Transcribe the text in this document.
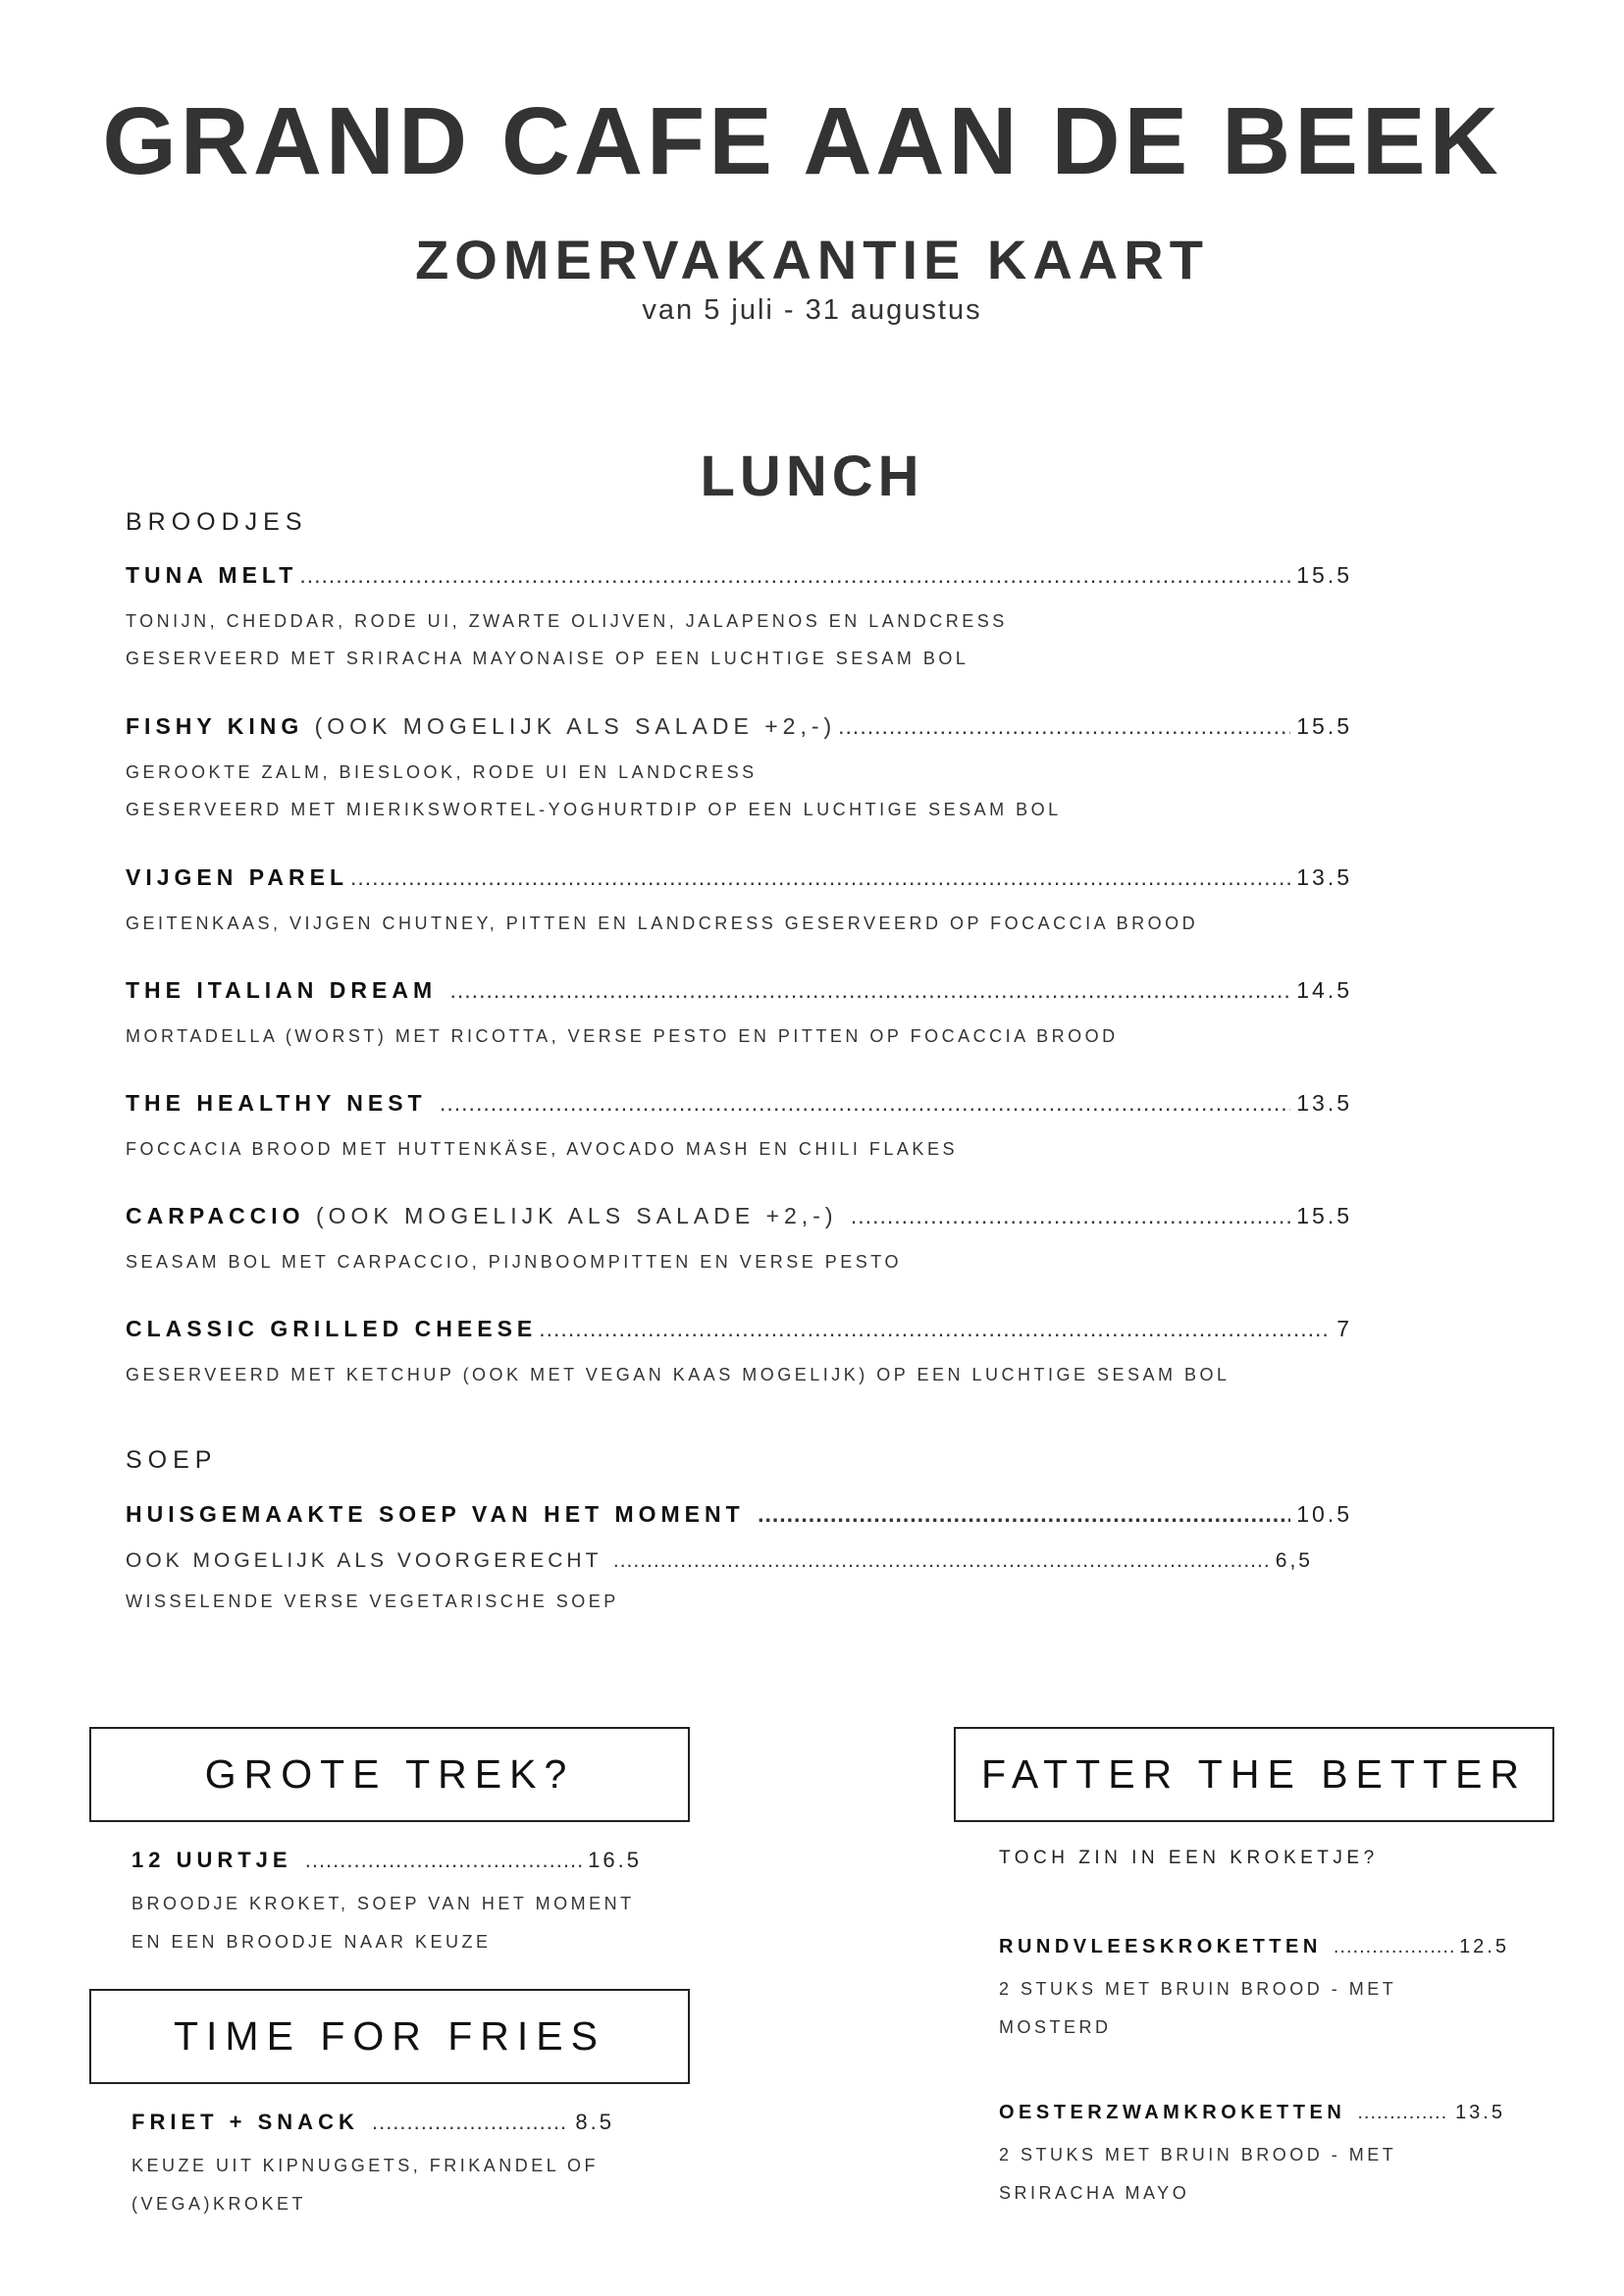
GRAND CAFE AAN DE BEEK
ZOMERVAKANTIE KAART
van 5 juli - 31 augustus
LUNCH
BROODJES
TUNA MELT .....	15.5
TONIJN, CHEDDAR, RODE UI, ZWARTE OLIJVEN, JALAPENOS EN LANDCRESS
GESERVEERD MET SRIRACHA MAYONAISE OP EEN LUCHTIGE SESAM BOL
FISHY KING (OOK MOGELIJK ALS SALADE +2,-) .....	15.5
GEROOKTE ZALM, BIESLOOK, RODE UI EN LANDCRESS
GESERVEERD MET MIERIKSWORTEL-YOGHURTDIP OP EEN LUCHTIGE SESAM BOL
VIJGEN PAREL .....	13.5
GEITENKAAS, VIJGEN CHUTNEY, PITTEN EN LANDCRESS GESERVEERD OP FOCACCIA BROOD
THE ITALIAN DREAM .....	14.5
MORTADELLA (WORST) MET RICOTTA, VERSE PESTO EN PITTEN OP FOCACCIA BROOD
THE HEALTHY NEST .....	13.5
FOCCACIA BROOD MET HUTTENKÄSE, AVOCADO MASH EN CHILI FLAKES
CARPACCIO (OOK MOGELIJK ALS SALADE +2,-) .....	15.5
SEASAM BOL MET CARPACCIO, PIJNBOOMPITTEN EN VERSE PESTO
CLASSIC GRILLED CHEESE .....	7
GESERVEERD MET KETCHUP (OOK MET VEGAN KAAS MOGELIJK) OP EEN LUCHTIGE SESAM BOL
SOEP
HUISGEMAAKTE SOEP VAN HET MOMENT .....	10.5
OOK MOGELIJK ALS VOORGERECHT .....	6,5
WISSELENDE VERSE VEGETARISCHE SOEP
GROTE TREK?
12 UURTJE .....	16.5
BROODJE KROKET, SOEP VAN HET MOMENT
EN EEN BROODJE NAAR KEUZE
TIME FOR FRIES
FRIET + SNACK .....	8.5
KEUZE UIT KIPNUGGETS, FRIKANDEL OF
(VEGA)KROKET
FATTER THE BETTER
TOCH ZIN IN EEN KROKETJE?
RUNDVLEESKROKETTEN .....	12.5
2 STUKS MET BRUIN BROOD - MET
MOSTERD
OESTERZWAMKROKETTEN .....	13.5
2 STUKS MET BRUIN BROOD - MET
SRIRACHA MAYO
